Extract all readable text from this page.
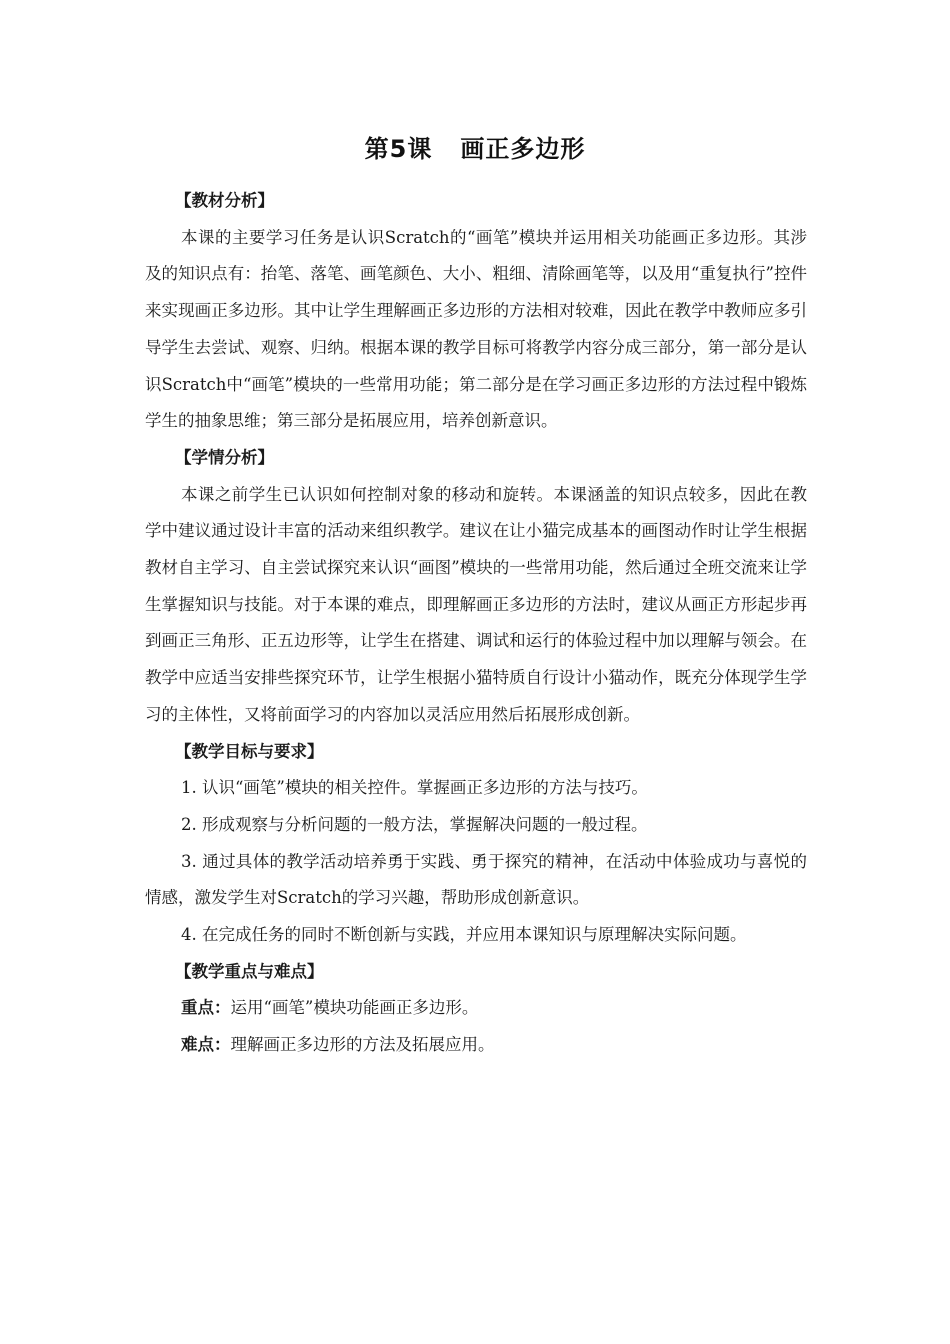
第5课 画正多边形

【教材分析】

本课的主要学习任务是认识Scratch的“画笔”模块并运用相关功能画正多边形。其涉及的知识点有：抬笔、落笔、画笔颜色、大小、粗细、清除画笔等，以及用“重复执行”控件来实现画正多边形。其中让学生理解画正多边形的方法相对较难，因此在教学中教师应多引导学生去尝试、观察、归纳。根据本课的教学目标可将教学内容分成三部分，第一部分是认识Scratch中“画笔”模块的一些常用功能；第二部分是在学习画正多边形的方法过程中锻炼学生的抽象思维；第三部分是拓展应用，培养创新意识。

【学情分析】

本课之前学生已认识如何控制对象的移动和旋转。本课涵盖的知识点较多，因此在教学中建议通过设计丰富的活动来组织教学。建议在让小猫完成基本的画图动作时让学生根据教材自主学习、自主尝试探究来认识“画图”模块的一些常用功能，然后通过全班交流来让学生掌握知识与技能。对于本课的难点，即理解画正多边形的方法时，建议从画正方形起步再到画正三角形、正五边形等，让学生在搭建、调试和运行的体验过程中加以理解与领会。在教学中应适当安排些探究环节，让学生根据小猫特质自行设计小猫动作，既充分体现学生学习的主体性，又将前面学习的内容加以灵活应用然后拓展形成创新。

【教学目标与要求】

1. 认识“画笔”模块的相关控件。掌握画正多边形的方法与技巧。

2. 形成观察与分析问题的一般方法，掌握解决问题的一般过程。

3. 通过具体的教学活动培养勇于实践、勇于探究的精神，在活动中体验成功与喜悦的情感，激发学生对Scratch的学习兴趣，帮助形成创新意识。

4. 在完成任务的同时不断创新与实践，并应用本课知识与原理解决实际问题。

【教学重点与难点】

重点：运用“画笔”模块功能画正多边形。

难点：理解画正多边形的方法及拓展应用。
